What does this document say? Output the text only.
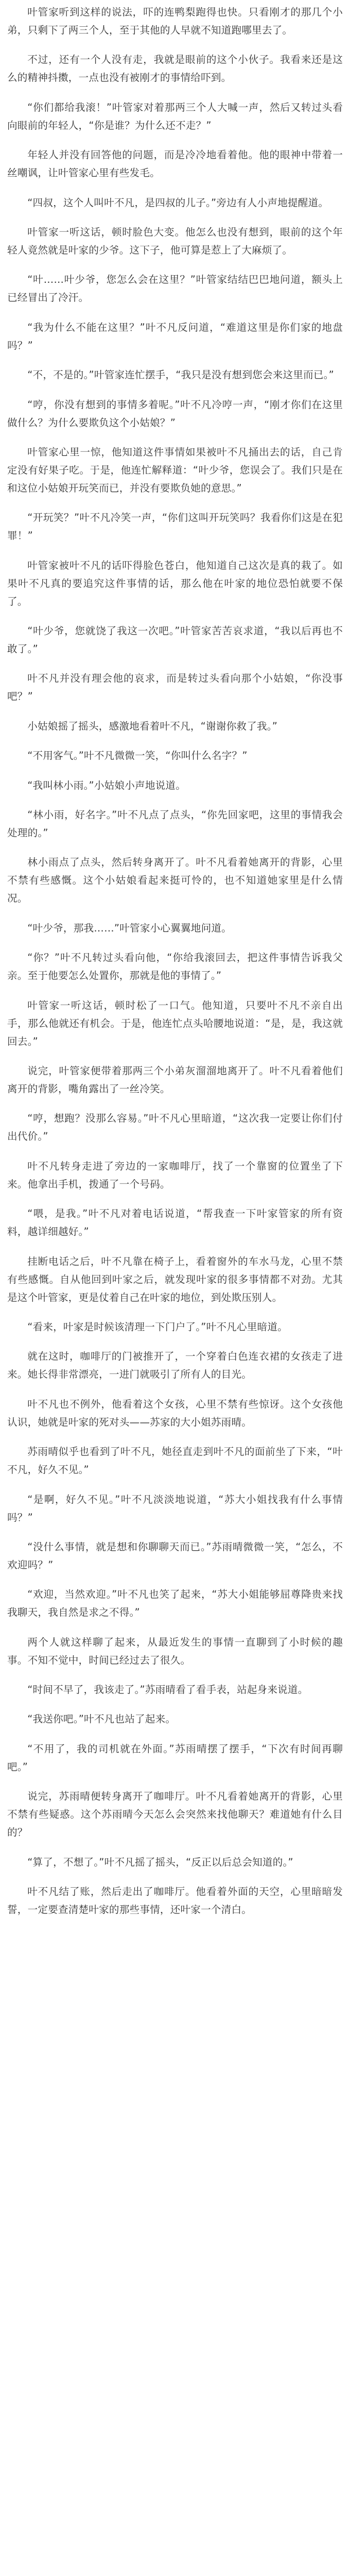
叶管家听到这样的说法，吓的连鸭梨跑得也快。只看刚才的那几个小弟，只剩下了两三个人，至于其他的人早就不知道跑哪里去了。

不过，还有一个人没有走，我就是眼前的这个小伙子。我看来还是这么的精神抖擞，一点也没有被刚才的事情给吓到。

“你们都给我滚！”叶管家对着那两三个人大喊一声，然后又转过头看向眼前的年轻人，“你是谁？为什么还不走？”

年轻人并没有回答他的问题，而是冷冷地看着他。他的眼神中带着一丝嘲讽，让叶管家心里有些发毛。

“四叔，这个人叫叶不凡，是四叔的儿子。”旁边有人小声地提醒道。

叶管家一听这话，顿时脸色大变。他怎么也没有想到，眼前的这个年轻人竟然就是叶家的少爷。这下子，他可算是惹上了大麻烦了。

“叶……叶少爷，您怎么会在这里？”叶管家结结巴巴地问道，额头上已经冒出了冷汗。

“我为什么不能在这里？”叶不凡反问道，“难道这里是你们家的地盘吗？”

“不，不是的。”叶管家连忙摆手，“我只是没有想到您会来这里而已。”

“哼，你没有想到的事情多着呢。”叶不凡冷哼一声，“刚才你们在这里做什么？为什么要欺负这个小姑娘？”

叶管家心里一惊，他知道这件事情如果被叶不凡捅出去的话，自己肯定没有好果子吃。于是，他连忙解释道：“叶少爷，您误会了。我们只是在和这位小姑娘开玩笑而已，并没有要欺负她的意思。”

“开玩笑？”叶不凡冷笑一声，“你们这叫开玩笑吗？我看你们这是在犯罪！”

叶管家被叶不凡的话吓得脸色苍白，他知道自己这次是真的栽了。如果叶不凡真的要追究这件事情的话，那么他在叶家的地位恐怕就要不保了。

“叶少爷，您就饶了我这一次吧。”叶管家苦苦哀求道，“我以后再也不敢了。”

叶不凡并没有理会他的哀求，而是转过头看向那个小姑娘，“你没事吧？”

小姑娘摇了摇头，感激地看着叶不凡，“谢谢你救了我。”

“不用客气。”叶不凡微微一笑，“你叫什么名字？”

“我叫林小雨。”小姑娘小声地说道。

“林小雨，好名字。”叶不凡点了点头，“你先回家吧，这里的事情我会处理的。”

林小雨点了点头，然后转身离开了。叶不凡看着她离开的背影，心里不禁有些感慨。这个小姑娘看起来挺可怜的，也不知道她家里是什么情况。

“叶少爷，那我……”叶管家小心翼翼地问道。

“你？”叶不凡转过头看向他，“你给我滚回去，把这件事情告诉我父亲。至于他要怎么处置你，那就是他的事情了。”

叶管家一听这话，顿时松了一口气。他知道，只要叶不凡不亲自出手，那么他就还有机会。于是，他连忙点头哈腰地说道：“是，是，我这就回去。”

说完，叶管家便带着那两三个小弟灰溜溜地离开了。叶不凡看着他们离开的背影，嘴角露出了一丝冷笑。

“哼，想跑？没那么容易。”叶不凡心里暗道，“这次我一定要让你们付出代价。”

叶不凡转身走进了旁边的一家咖啡厅，找了一个靠窗的位置坐了下来。他拿出手机，拨通了一个号码。

“喂，是我。”叶不凡对着电话说道，“帮我查一下叶家管家的所有资料，越详细越好。”

挂断电话之后，叶不凡靠在椅子上，看着窗外的车水马龙，心里不禁有些感慨。自从他回到叶家之后，就发现叶家的很多事情都不对劲。尤其是这个叶管家，更是仗着自己在叶家的地位，到处欺压别人。

“看来，叶家是时候该清理一下门户了。”叶不凡心里暗道。

就在这时，咖啡厅的门被推开了，一个穿着白色连衣裙的女孩走了进来。她长得非常漂亮，一进门就吸引了所有人的目光。

叶不凡也不例外，他看着这个女孩，心里不禁有些惊讶。这个女孩他认识，她就是叶家的死对头——苏家的大小姐苏雨晴。

苏雨晴似乎也看到了叶不凡，她径直走到叶不凡的面前坐了下来，“叶不凡，好久不见。”

“是啊，好久不见。”叶不凡淡淡地说道，“苏大小姐找我有什么事情吗？”

“没什么事情，就是想和你聊聊天而已。”苏雨晴微微一笑，“怎么，不欢迎吗？”

“欢迎，当然欢迎。”叶不凡也笑了起来，“苏大小姐能够屈尊降贵来找我聊天，我自然是求之不得。”

两个人就这样聊了起来，从最近发生的事情一直聊到了小时候的趣事。不知不觉中，时间已经过去了很久。

“时间不早了，我该走了。”苏雨晴看了看手表，站起身来说道。

“我送你吧。”叶不凡也站了起来。

“不用了，我的司机就在外面。”苏雨晴摆了摆手，“下次有时间再聊吧。”

说完，苏雨晴便转身离开了咖啡厅。叶不凡看着她离开的背影，心里不禁有些疑惑。这个苏雨晴今天怎么会突然来找他聊天？难道她有什么目的？

“算了，不想了。”叶不凡摇了摇头，“反正以后总会知道的。”

叶不凡结了账，然后走出了咖啡厅。他看着外面的天空，心里暗暗发誓，一定要查清楚叶家的那些事情，还叶家一个清白。
